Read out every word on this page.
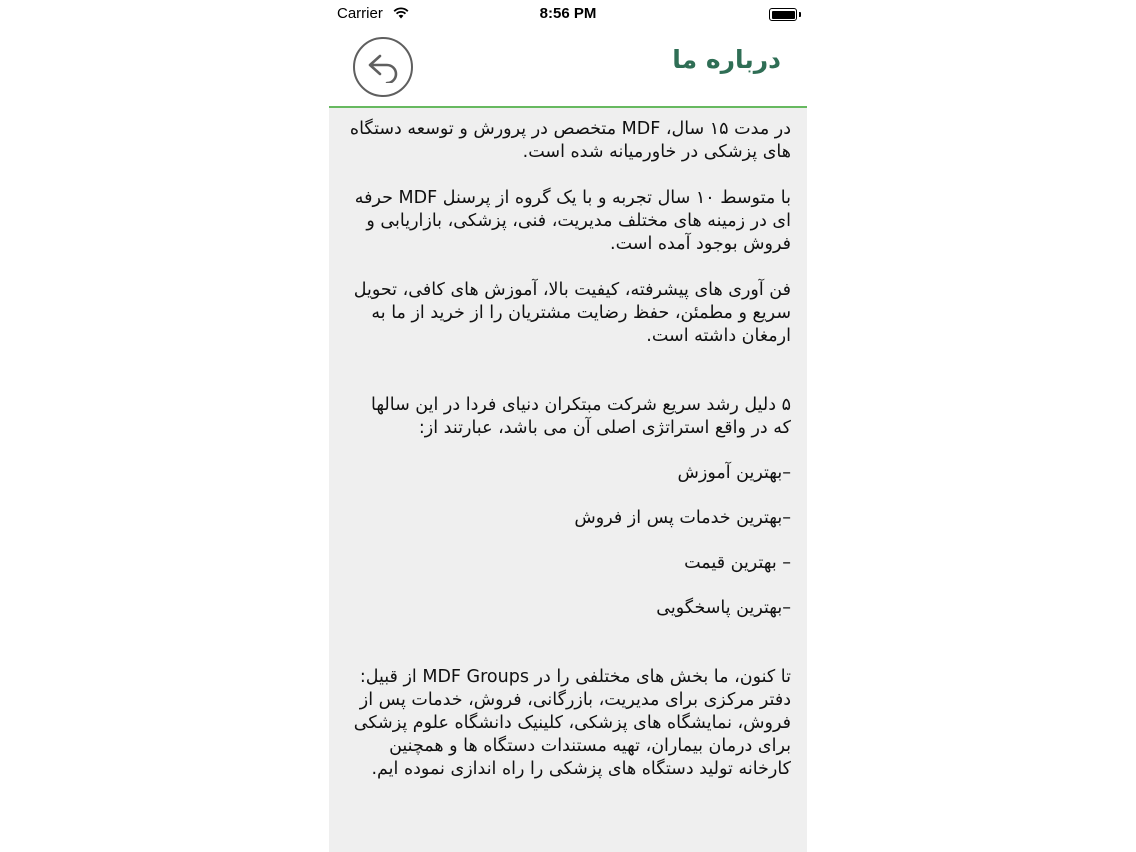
Carrier	8:56 PM
درباره ما

در مدت ۱۵ سال، MDF متخصص در پرورش و توسعه دستگاه های پزشکی در خاورمیانه شده است.

با متوسط ۱۰ سال تجربه و با یک گروه از پرسنل MDF حرفه ای در زمینه های مختلف مدیریت، فنی، پزشکی، بازاریابی و فروش بوجود آمده است.

فن آوری های پیشرفته، کیفیت بالا، آموزش های کافی، تحویل سریع و مطمئن، حفظ رضایت مشتریان را از خرید از ما به ارمغان داشته است.

۵ دلیل رشد سریع شرکت مبتکران دنیای فردا در این سالها که در واقع استراتژی اصلی آن می باشد، عبارتند از:

–بهترین آموزش

–بهترین خدمات پس از فروش

– بهترین قیمت

–بهترین پاسخگویی

تا کنون، ما بخش های مختلفی را در MDF Groups از قبیل: دفتر مرکزی برای مدیریت، بازرگانی، فروش، خدمات پس از فروش، نمایشگاه های پزشکی، کلینیک دانشگاه علوم پزشکی برای درمان بیماران، تهیه مستندات دستگاه ها و همچنین کارخانه تولید دستگاه های پزشکی را راه اندازی نموده ایم.
